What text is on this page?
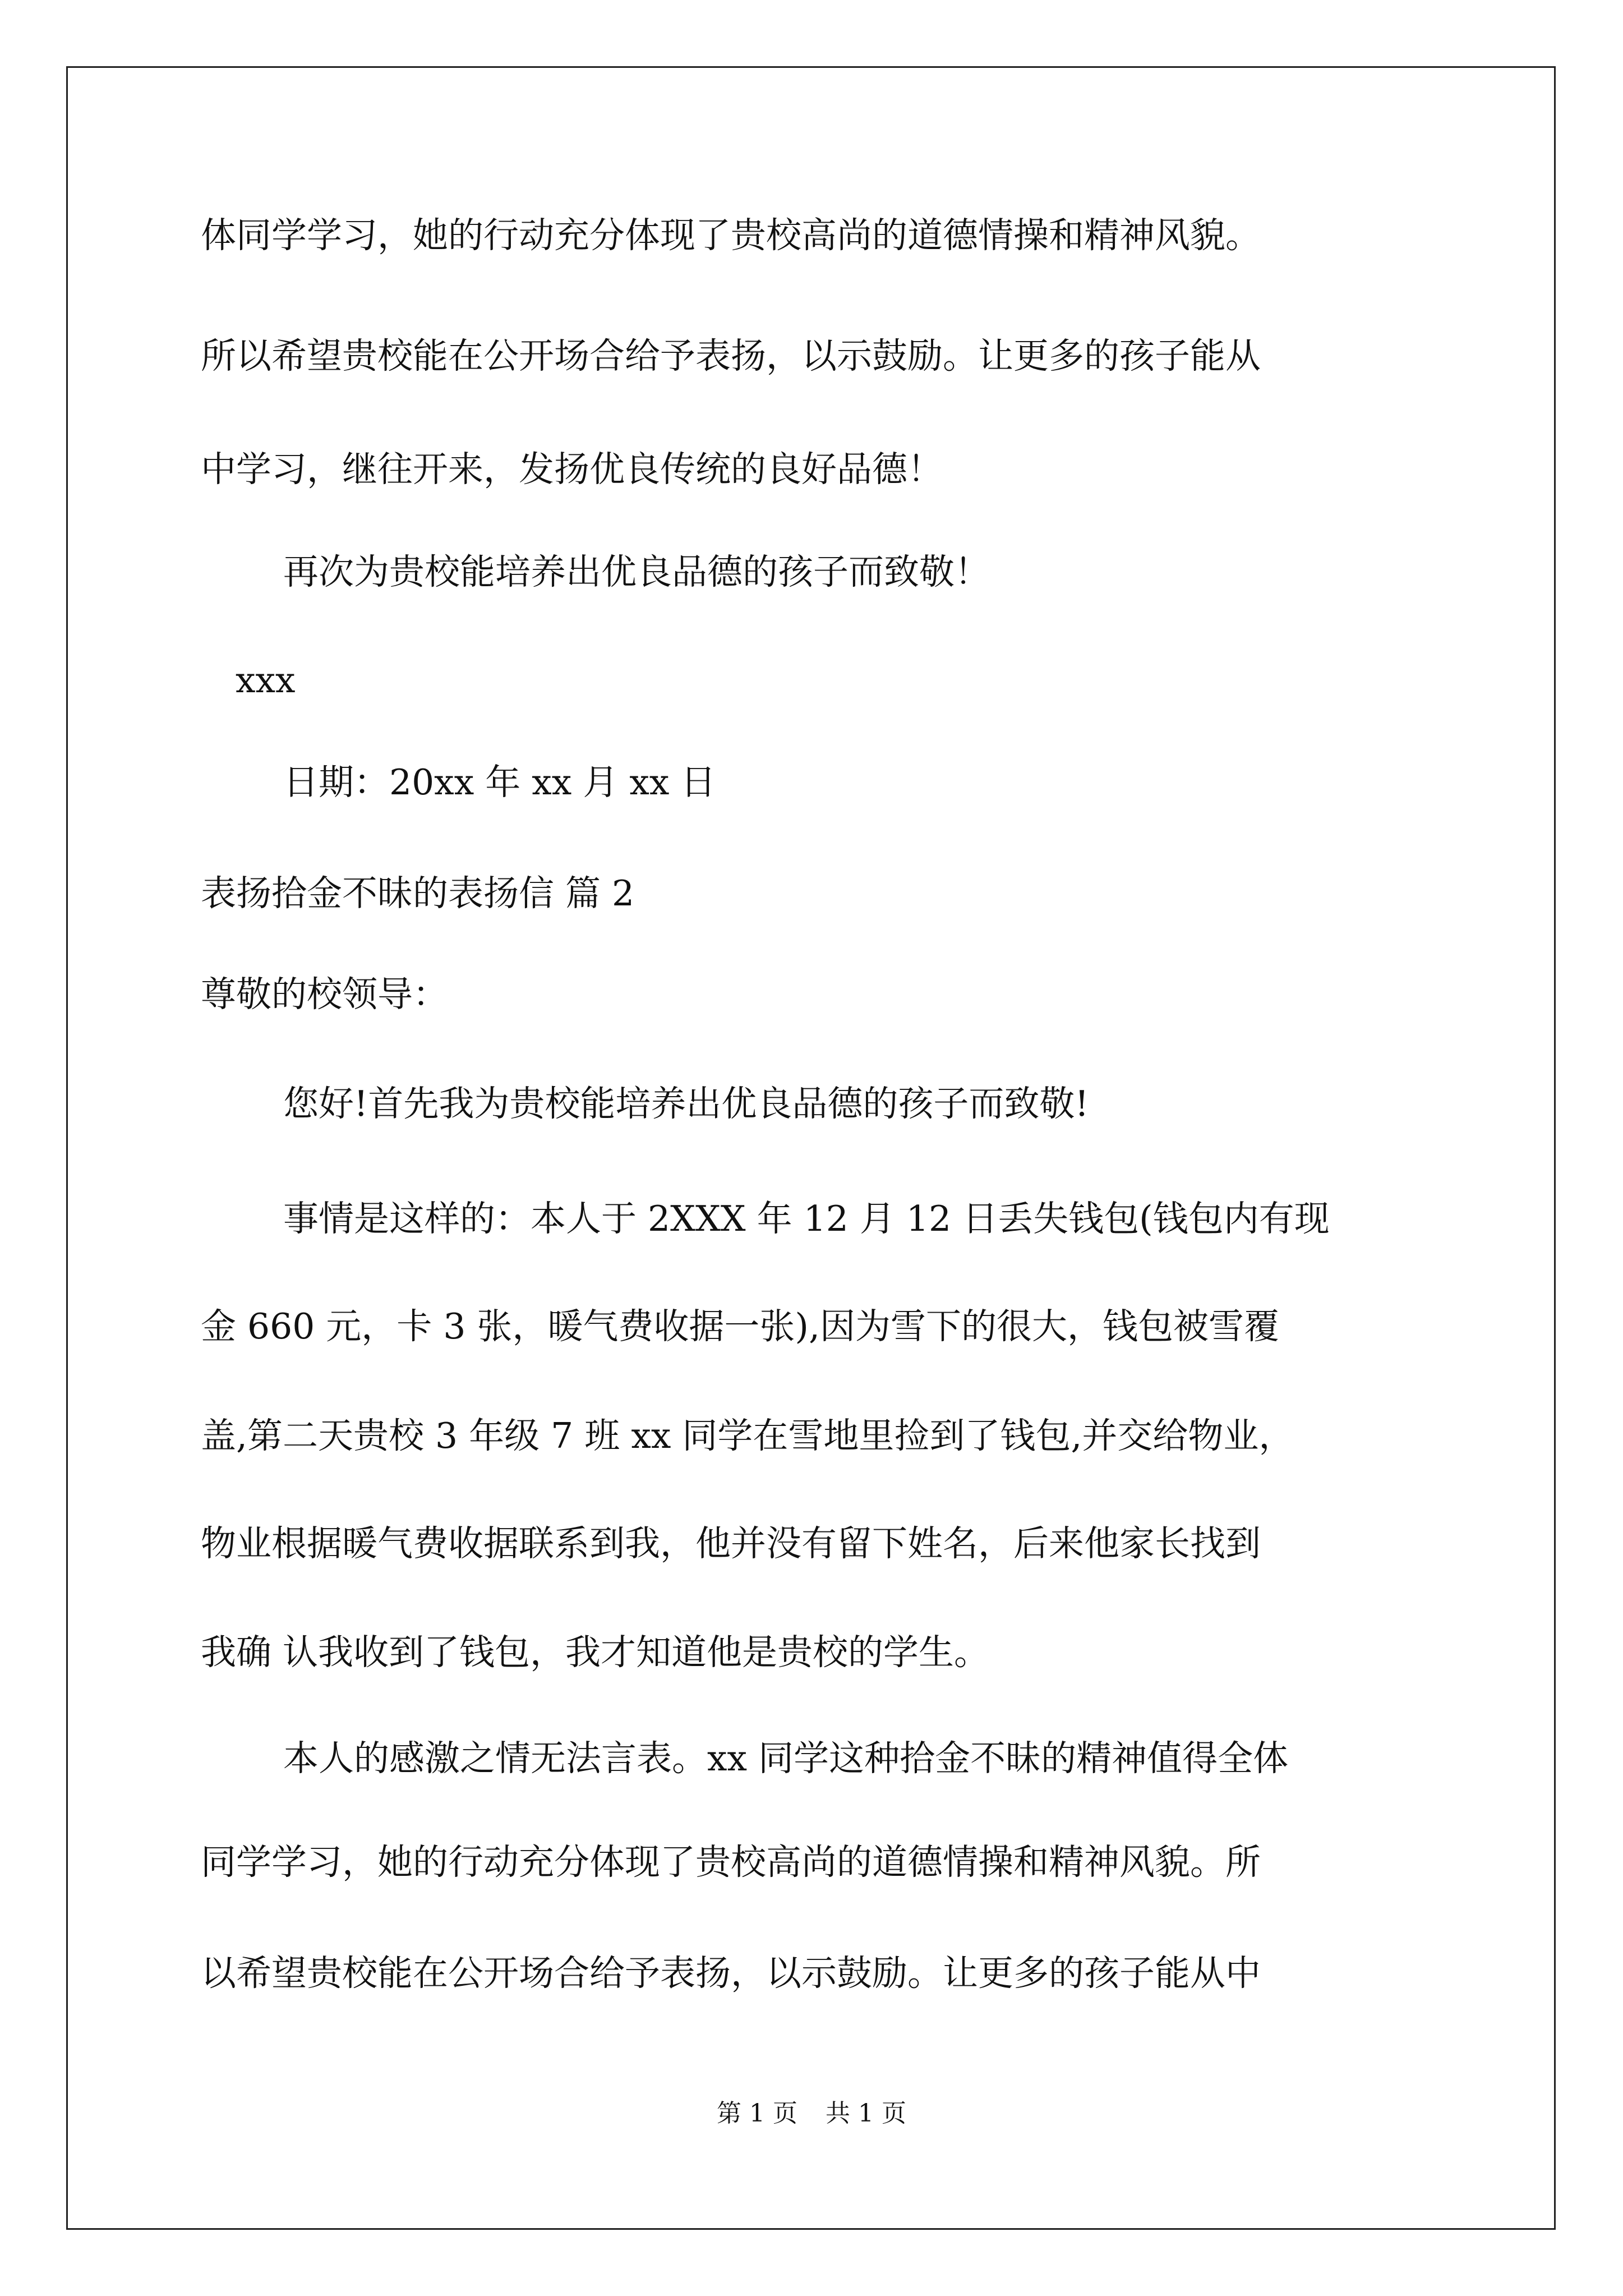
体同学学习，她的行动充分体现了贵校高尚的道德情操和精神风貌。

所以希望贵校能在公开场合给予表扬，以示鼓励。让更多的孩子能从

中学习，继往开来，发扬优良传统的良好品德！

再次为贵校能培养出优良品德的孩子而致敬！

xxx

日期：20xx 年 xx 月 xx 日

表扬拾金不昧的表扬信 篇 2

尊敬的校领导：

您好!首先我为贵校能培养出优良品德的孩子而致敬!

事情是这样的：本人于 2XXX 年 12 月 12 日丢失钱包(钱包内有现

金 660 元，卡 3 张，暖气费收据一张),因为雪下的很大，钱包被雪覆

盖,第二天贵校 3 年级 7 班 xx 同学在雪地里捡到了钱包,并交给物业，

物业根据暖气费收据联系到我，他并没有留下姓名，后来他家长找到

我确 认我收到了钱包，我才知道他是贵校的学生。

本人的感激之情无法言表。xx 同学这种拾金不昧的精神值得全体

同学学习，她的行动充分体现了贵校高尚的道德情操和精神风貌。所

以希望贵校能在公开场合给予表扬，以示鼓励。让更多的孩子能从中

第 1 页 共 1 页
